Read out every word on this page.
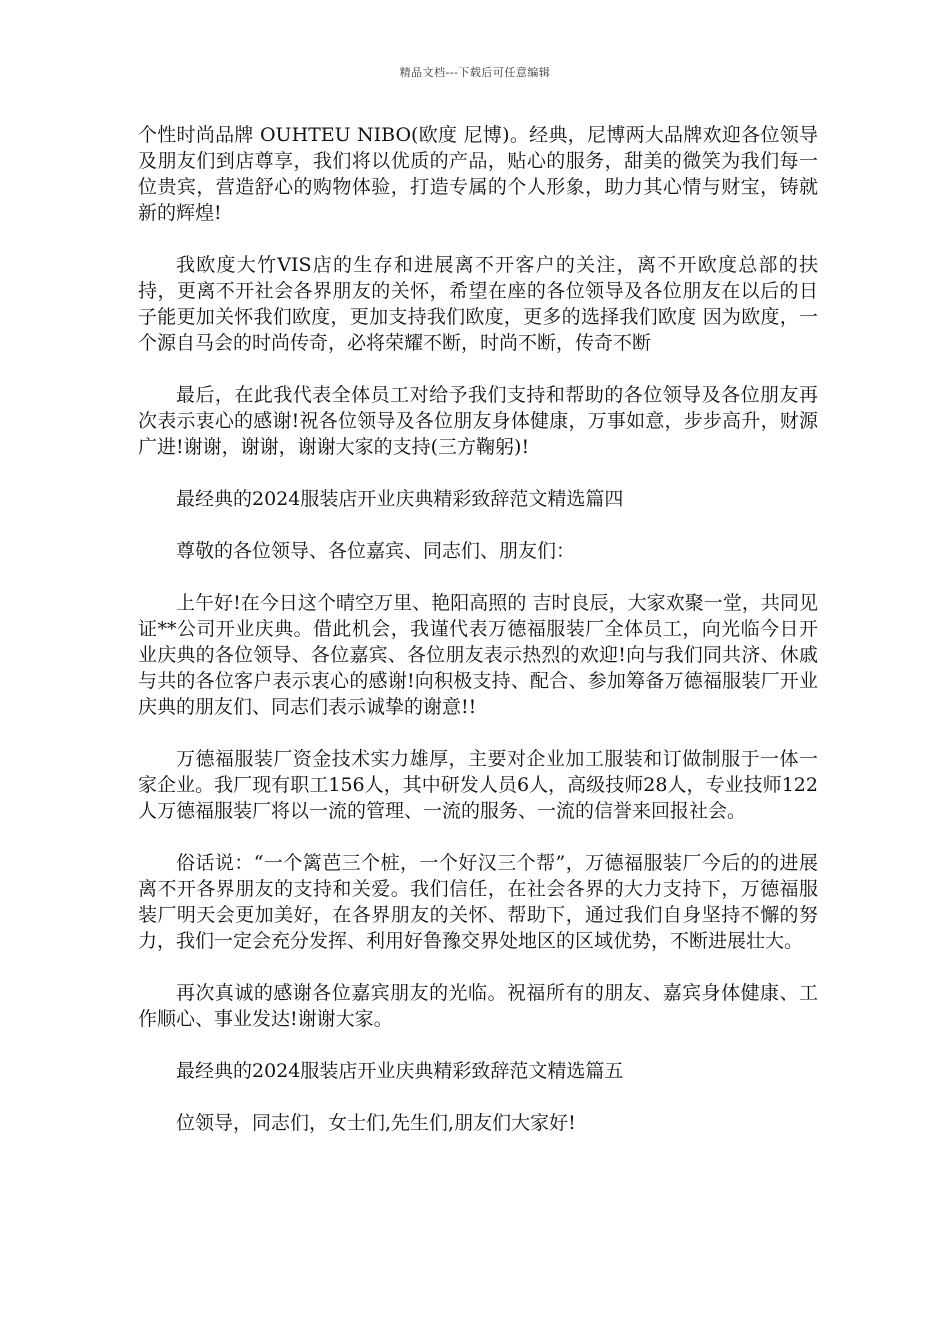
精品文档---下载后可任意编辑

个性时尚品牌 OUHTEU NIBO(欧度 尼博)。经典，尼博两大品牌欢迎各位领导及朋友们到店尊享，我们将以优质的产品，贴心的服务，甜美的微笑为我们每一位贵宾，营造舒心的购物体验，打造专属的个人形象，助力其心情与财宝，铸就新的辉煌!

我欧度大竹VIS店的生存和进展离不开客户的关注，离不开欧度总部的扶持，更离不开社会各界朋友的关怀，希望在座的各位领导及各位朋友在以后的日子能更加关怀我们欧度，更加支持我们欧度，更多的选择我们欧度 因为欧度，一个源自马会的时尚传奇，必将荣耀不断，时尚不断，传奇不断

最后，在此我代表全体员工对给予我们支持和帮助的各位领导及各位朋友再次表示衷心的感谢!祝各位领导及各位朋友身体健康，万事如意，步步高升，财源广进!谢谢，谢谢，谢谢大家的支持(三方鞠躬)!

最经典的2024服装店开业庆典精彩致辞范文精选篇四

尊敬的各位领导、各位嘉宾、同志们、朋友们：

上午好!在今日这个晴空万里、艳阳高照的 吉时良辰，大家欢聚一堂，共同见证**公司开业庆典。借此机会，我谨代表万德福服装厂全体员工，向光临今日开业庆典的各位领导、各位嘉宾、各位朋友表示热烈的欢迎!向与我们同共济、休戚与共的各位客户表示衷心的感谢!向积极支持、配合、参加筹备万德福服装厂开业庆典的朋友们、同志们表示诚挚的谢意!!

万德福服装厂资金技术实力雄厚，主要对企业加工服装和订做制服于一体一家企业。我厂现有职工156人，其中研发人员6人，高级技师28人，专业技师122人万德福服装厂将以一流的管理、一流的服务、一流的信誉来回报社会。

俗话说：“一个篱芭三个桩，一个好汉三个帮”，万德福服装厂今后的的进展离不开各界朋友的支持和关爱。我们信任，在社会各界的大力支持下，万德福服装厂明天会更加美好，在各界朋友的关怀、帮助下，通过我们自身坚持不懈的努力，我们一定会充分发挥、利用好鲁豫交界处地区的区域优势，不断进展壮大。

再次真诚的感谢各位嘉宾朋友的光临。祝福所有的朋友、嘉宾身体健康、工作顺心、事业发达!谢谢大家。

最经典的2024服装店开业庆典精彩致辞范文精选篇五

位领导，同志们，女士们,先生们,朋友们大家好!
